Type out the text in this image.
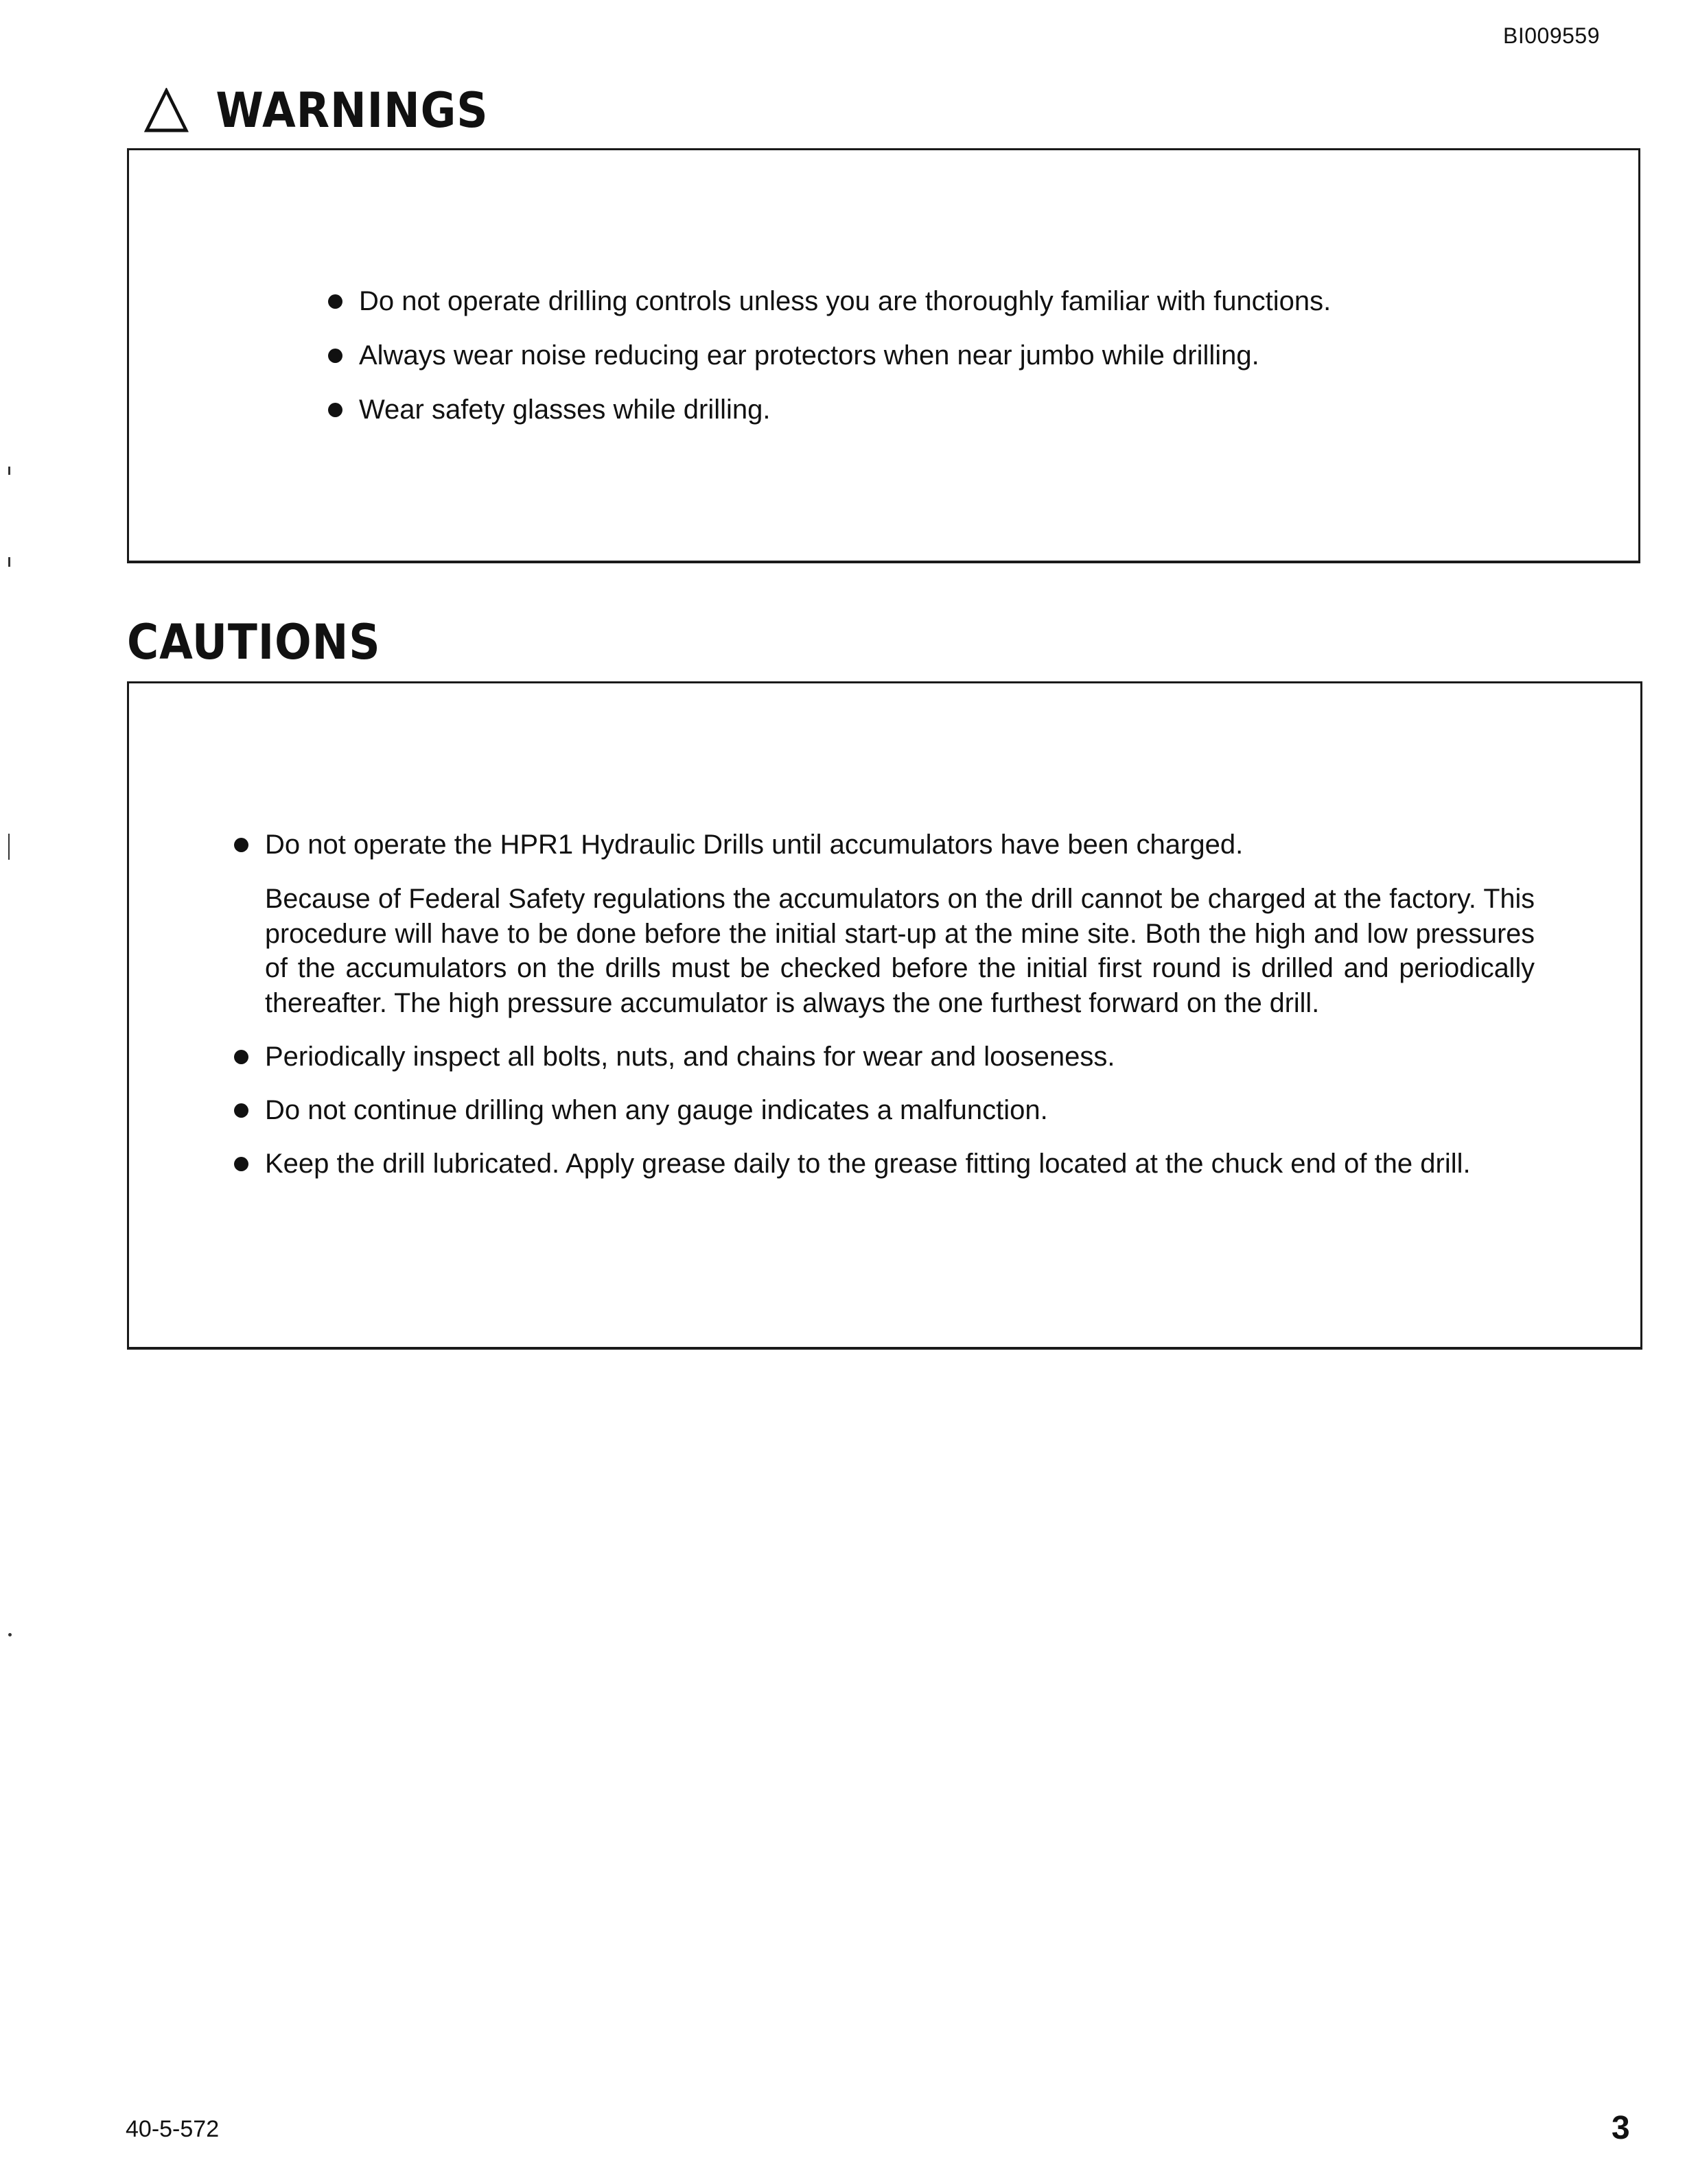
BI009559
WARNINGS
Do not operate drilling controls unless you are thoroughly familiar with functions.
Always wear noise reducing ear protectors when near jumbo while drilling.
Wear safety glasses while drilling.
CAUTIONS
Do not operate the HPR1 Hydraulic Drills until accumulators have been charged.

Because of Federal Safety regulations the accumulators on the drill cannot be charged at the factory. This procedure will have to be done before the initial start-up at the mine site. Both the high and low pressures of the accumulators on the drills must be checked before the initial first round is drilled and periodically thereafter. The high pressure accumulator is always the one furthest forward on the drill.

Periodically inspect all bolts, nuts, and chains for wear and looseness.
Do not continue drilling when any gauge indicates a malfunction.
Keep the drill lubricated. Apply grease daily to the grease fitting located at the chuck end of the drill.
40-5-572	3
